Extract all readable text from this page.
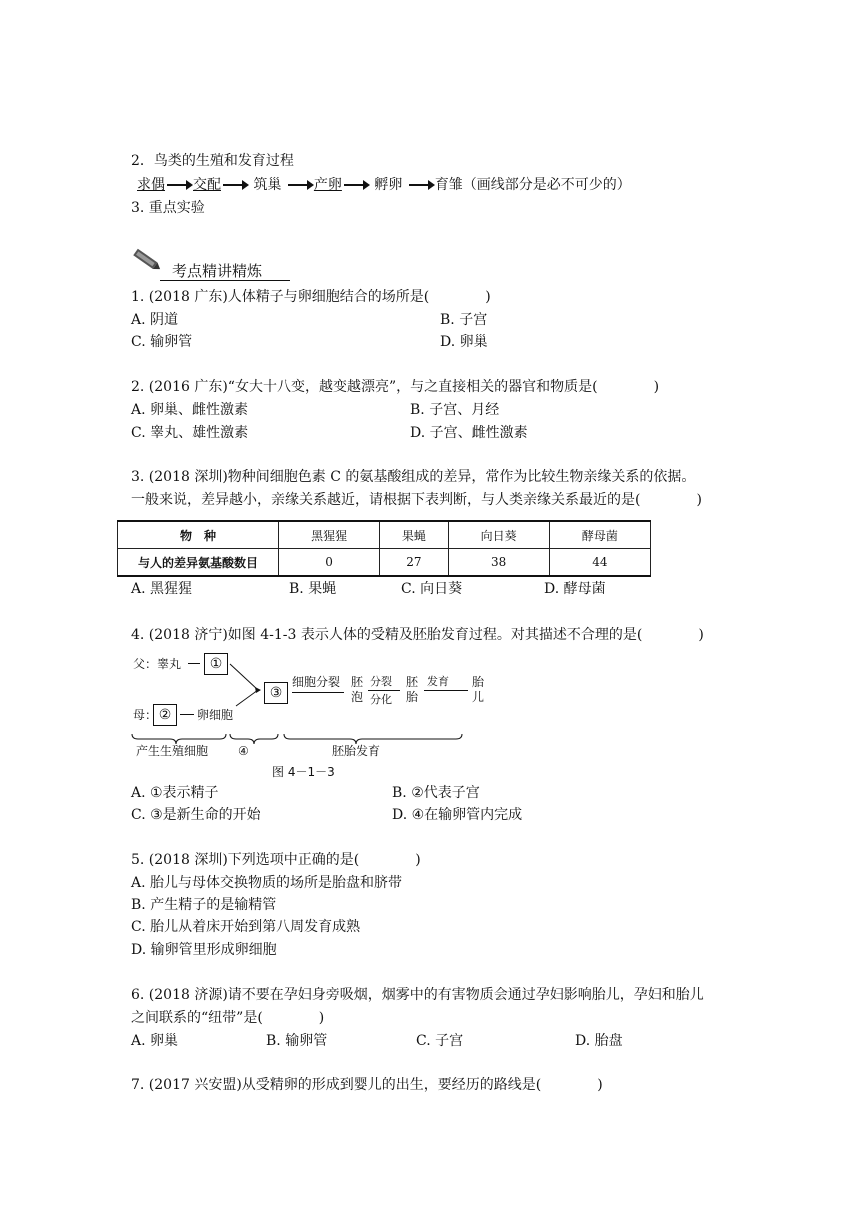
2．鸟类的生殖和发育过程
求偶 交配 筑巢 产卵 孵卵 育雏（画线部分是必不可少的）
3. 重点实验
考点精讲精炼
1. (2018 广东)人体精子与卵细胞结合的场所是(　　　　)
A. 阴道	B. 子宫
C. 输卵管	D. 卵巢
2. (2016 广东)“女大十八变，越变越漂亮”，与之直接相关的器官和物质是(　　　　)
A. 卵巢、雌性激素	B. 子宫、月经
C. 睾丸、雄性激素	D. 子宫、雌性激素
3. (2018 深圳)物种间细胞色素 C 的氨基酸组成的差异，常作为比较生物亲缘关系的依据。
一般来说，差异越小，亲缘关系越近，请根据下表判断，与人类亲缘关系最近的是(　　　　)
物　种	黑猩猩	果蝇	向日葵	酵母菌
与人的差异氨基酸数目	0	27	38	44
A. 黑猩猩	B. 果蝇	C. 向日葵	D. 酵母菌
4. (2018 济宁)如图 4-1-3 表示人体的受精及胚胎发育过程。对其描述不合理的是(　　　　)
父：睾丸	①
母： ②	卵细胞
③
细胞分裂 胚泡
分裂
分化
胚胎
发育 胎儿
产生生殖细胞 ④	胚胎发育
图 4－1－3
A. ①表示精子	B. ②代表子宫
C. ③是新生命的开始	D. ④在输卵管内完成
5. (2018 深圳)下列选项中正确的是(　　　　)
A. 胎儿与母体交换物质的场所是胎盘和脐带
B. 产生精子的是输精管
C. 胎儿从着床开始到第八周发育成熟
D. 输卵管里形成卵细胞
6. (2018 济源)请不要在孕妇身旁吸烟，烟雾中的有害物质会通过孕妇影响胎儿，孕妇和胎儿
之间联系的“纽带”是(　　　　)
A. 卵巢	B. 输卵管	C. 子宫	D. 胎盘
7. (2017 兴安盟)从受精卵的形成到婴儿的出生，要经历的路线是(　　　　)
